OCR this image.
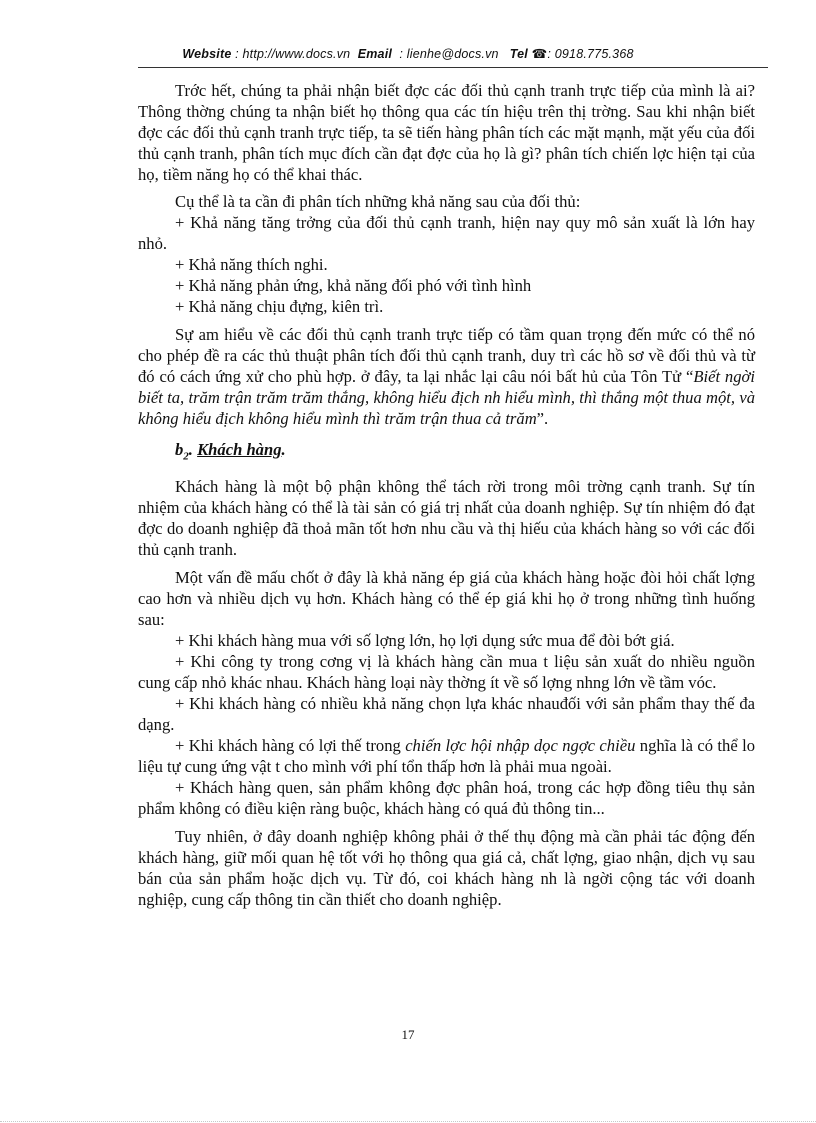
Website : http://www.docs.vn Email : lienhe@docs.vn Tel ☎: 0918.775.368

Trớc hết, chúng ta phải nhận biết đợc các đối thủ cạnh tranh trực tiếp của mình là ai? Thông thờng chúng ta nhận biết họ thông qua các tín hiệu trên thị trờng. Sau khi nhận biết đợc các đối thủ cạnh tranh trực tiếp, ta sẽ tiến hàng phân tích các mặt mạnh, mặt yếu của đối thủ cạnh tranh, phân tích mục đích cần đạt đợc của họ là gì? phân tích chiến lợc hiện tại của họ, tiềm năng họ có thể khai thác.

Cụ thể là ta cần đi phân tích những khả năng sau của đối thủ:

+ Khả năng tăng trởng của đối thủ cạnh tranh, hiện nay quy mô sản xuất là lớn hay nhỏ.

+ Khả năng thích nghi.

+ Khả năng phản ứng, khả năng đối phó với tình hình

+ Khả năng chịu đựng, kiên trì.

Sự am hiểu về các đối thủ cạnh tranh trực tiếp có tầm quan trọng đến mức có thể nó cho phép đề ra các thủ thuật phân tích đối thủ cạnh tranh, duy trì các hồ sơ về đối thủ và từ đó có cách ứng xử cho phù hợp. ở đây, ta lại nhắc lại câu nói bất hủ của Tôn Tử “Biết ngời biết ta, trăm trận trăm trăm thắng, không hiểu địch nh hiểu mình, thì thắng một thua một, và không hiểu địch không hiểu mình thì trăm trận thua cả trăm”.

$b_2$. Khách hàng.

Khách hàng là một bộ phận không thể tách rời trong môi trờng cạnh tranh. Sự tín nhiệm của khách hàng có thể là tài sản có giá trị nhất của doanh nghiệp. Sự tín nhiệm đó đạt đợc do doanh nghiệp đã thoả mãn tốt hơn nhu cầu và thị hiếu của khách hàng so với các đối thủ cạnh tranh.

Một vấn đề mấu chốt ở đây là khả năng ép giá của khách hàng hoặc đòi hỏi chất lợng cao hơn và nhiều dịch vụ hơn. Khách hàng có thể ép giá khi họ ở trong những tình huống sau:

+ Khi khách hàng mua với số lợng lớn, họ lợi dụng sức mua để đòi bớt giá.

+ Khi công ty trong cơng vị là khách hàng cần mua t liệu sản xuất do nhiều nguồn cung cấp nhỏ khác nhau. Khách hàng loại này thờng ít về số lợng nhng lớn về tầm vóc.

+ Khi khách hàng có nhiều khả năng chọn lựa khác nhauđối với sản phẩm thay thế đa dạng.

+ Khi khách hàng có lợi thế trong chiến lợc hội nhập dọc ngợc chiều nghĩa là có thể lo liệu tự cung ứng vật t cho mình với phí tổn thấp hơn là phải mua ngoài.

+ Khách hàng quen, sản phẩm không đợc phân hoá, trong các hợp đồng tiêu thụ sản phẩm không có điều kiện ràng buộc, khách hàng có quá đủ thông tin...

Tuy nhiên, ở đây doanh nghiệp không phải ở thế thụ động mà cần phải tác động đến khách hàng, giữ mối quan hệ tốt với họ thông qua giá cả, chất lợng, giao nhận, dịch vụ sau bán của sản phẩm hoặc dịch vụ. Từ đó, coi khách hàng nh là ngời cộng tác với doanh nghiệp, cung cấp thông tin cần thiết cho doanh nghiệp.

17
